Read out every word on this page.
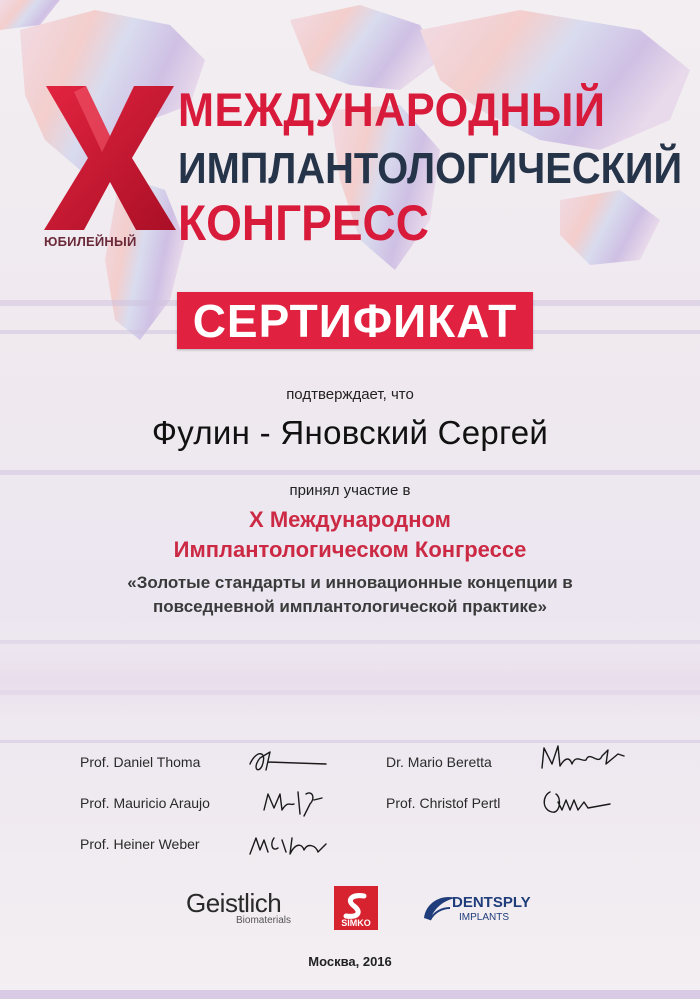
ЮБИЛЕЙНЫЙ
МЕЖДУНАРОДНЫЙ
ИМПЛАНТОЛОГИЧЕСКИЙ
КОНГРЕСС
СЕРТИФИКАТ
подтверждает, что
Фулин - Яновский Сергей
принял участие в
X Международном
Имплантологическом Конгрессе
«Золотые стандарты и инновационные концепции в
повседневной имплантологической практике»
Prof. Daniel Thoma	Dr. Mario Beretta
Prof. Mauricio Araujo	Prof. Christof Pertl
Prof. Heiner Weber
Geistlich
Biomaterials	SIMKO
DENTSPLY
IMPLANTS
Москва, 2016
